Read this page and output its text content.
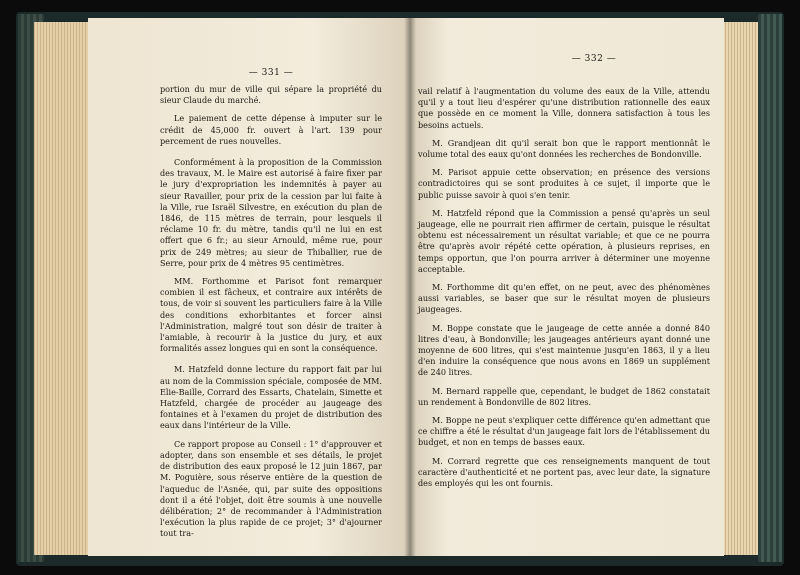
— 331 —

portion du mur de ville qui sépare la propriété du sieur Claude du marché.

Le paiement de cette dépense à imputer sur le crédit de 45,000 fr. ouvert à l'art. 139 pour percement de rues nouvelles.

Conformément à la proposition de la Commission des travaux, M. le Maire est autorisé à faire fixer par le jury d'expropriation les indemnités à payer au sieur Ravailler, pour prix de la cession par lui faite à la Ville, rue Israël Silvestre, en exécution du plan de 1846, de 115 mètres de terrain, pour lesquels il réclame 10 fr. du mètre, tandis qu'il ne lui en est offert que 6 fr.; au sieur Arnould, même rue, pour prix de 249 mètres; au sieur de Thiballier, rue de Serre, pour prix de 4 mètres 95 centimètres.

MM. Forthomme et Parisot font remarquer combien il est fâcheux, et contraire aux intérêts de tous, de voir si souvent les particuliers faire à la Ville des conditions exhorbitantes et forcer ainsi l'Administration, malgré tout son désir de traiter à l'amiable, à recourir à la justice du jury, et aux formalités assez longues qui en sont la conséquence.

M. Hatzfeld donne lecture du rapport fait par lui au nom de la Commission spéciale, composée de MM. Elie-Baille, Corrard des Essarts, Chatelain, Simette et Hatzfeld, chargée de procéder au jaugeage des fontaines et à l'examen du projet de distribution des eaux dans l'intérieur de la Ville.

Ce rapport propose au Conseil : 1° d'approuver et adopter, dans son ensemble et ses détails, le projet de distribution des eaux proposé le 12 juin 1867, par M. Poguière, sous réserve entière de la question de l'aqueduc de l'Asnée, qui, par suite des oppositions dont il a été l'objet, doit être soumis à une nouvelle délibération; 2° de recommander à l'Administration l'exécution la plus rapide de ce projet; 3° d'ajourner tout tra-

— 332 —

vail relatif à l'augmentation du volume des eaux de la Ville, attendu qu'il y a tout lieu d'espérer qu'une distribution rationnelle des eaux que possède en ce moment la Ville, donnera satisfaction à tous les besoins actuels.

M. Grandjean dit qu'il serait bon que le rapport mentionnât le volume total des eaux qu'ont données les recherches de Bondonville.

M. Parisot appuie cette observation; en présence des versions contradictoires qui se sont produites à ce sujet, il importe que le public puisse savoir à quoi s'en tenir.

M. Hatzfeld répond que la Commission a pensé qu'après un seul jaugeage, elle ne pourrait rien affirmer de certain, puisque le résultat obtenu est nécessairement un résultat variable; et que ce ne pourra être qu'après avoir répété cette opération, à plusieurs reprises, en temps opportun, que l'on pourra arriver à déterminer une moyenne acceptable.

M. Forthomme dit qu'en effet, on ne peut, avec des phénomènes aussi variables, se baser que sur le résultat moyen de plusieurs jaugeages.

M. Boppe constate que le jaugeage de cette année a donné 840 litres d'eau, à Bondonville; les jaugeages antérieurs ayant donné une moyenne de 600 litres, qui s'est maintenue jusqu'en 1863, il y a lieu d'en induire la conséquence que nous avons en 1869 un supplément de 240 litres.

M. Bernard rappelle que, cependant, le budget de 1862 constatait un rendement à Bondonville de 802 litres.

M. Boppe ne peut s'expliquer cette différence qu'en admettant que ce chiffre a été le résultat d'un jaugeage fait lors de l'établissement du budget, et non en temps de basses eaux.

M. Corrard regrette que ces renseignements manquent de tout caractère d'authenticité et ne portent pas, avec leur date, la signature des employés qui les ont fournis.
